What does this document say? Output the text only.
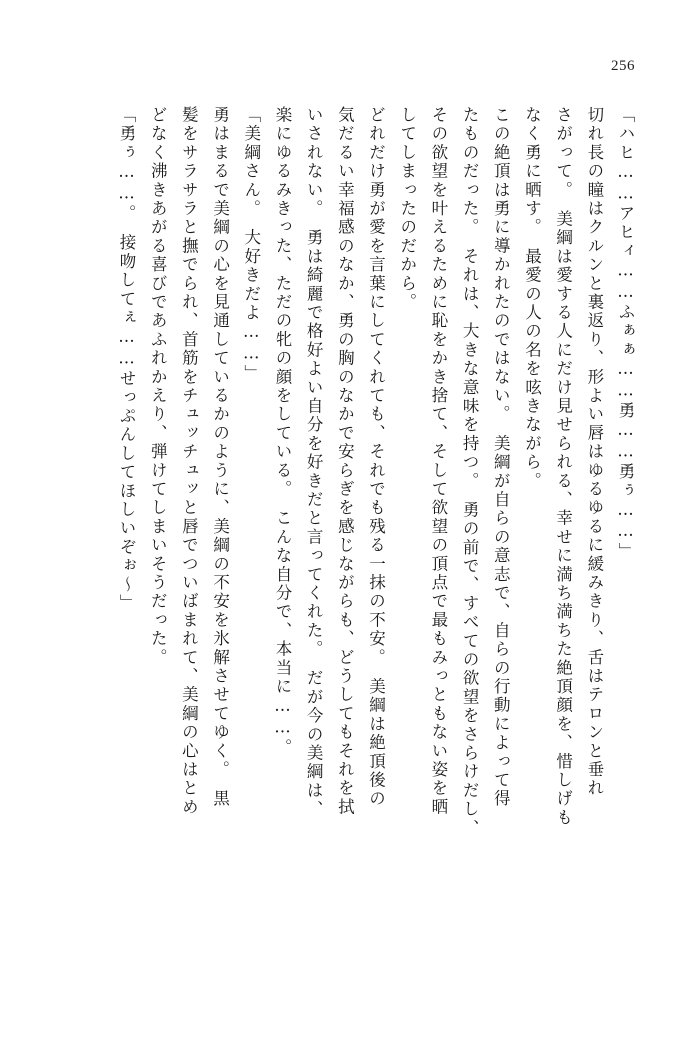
256
「ハヒ……アヒィ……ふぁぁ……勇……勇ぅ……」
切れ長の瞳はクルンと裏返り、形よい唇はゆるゆるに緩みきり、舌はテロンと垂れ
さがって。　美綱は愛する人にだけ見せられる、幸せに満ち満ちた絶頂顔を、惜しげも
なく勇に晒す。　最愛の人の名を呟きながら。
この絶頂は勇に導かれたのではない。　美綱が自らの意志で、自らの行動によって得
たものだった。　それは、大きな意味を持つ。　勇の前で、すべての欲望をさらけだし、
その欲望を叶えるために恥をかき捨て、そして欲望の頂点で最もみっともない姿を晒
してしまったのだから。
どれだけ勇が愛を言葉にしてくれても、それでも残る一抹の不安。　美綱は絶頂後の
気だるい幸福感のなか、勇の胸のなかで安らぎを感じながらも、どうしてもそれを拭
いされない。　勇は綺麗で格好よい自分を好きだと言ってくれた。　だが今の美綱は、
楽にゆるみきった、ただの牝の顔をしている。　こんな自分で、本当に……。
「美綱さん。　大好きだよ……」
勇はまるで美綱の心を見通しているかのように、美綱の不安を氷解させてゆく。　黒
髪をサラサラと撫でられ、首筋をチュッチュッと唇でついばまれて、美綱の心はとめ
どなく沸きあがる喜びであふれかえり、弾けてしまいそうだった。
「勇ぅ……。　接吻してぇ……せっぷんしてほしいぞぉ～」
